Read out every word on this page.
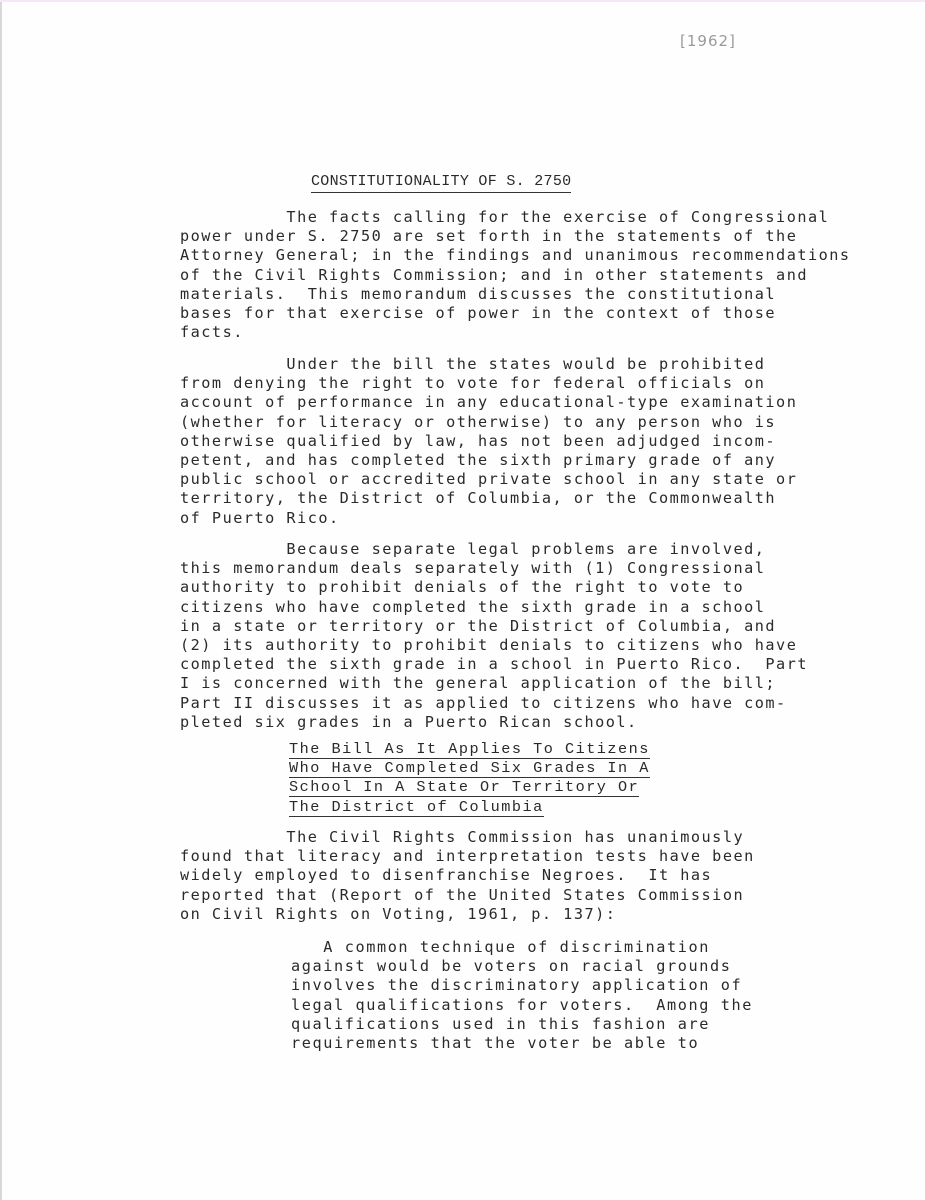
[1962]
CONSTITUTIONALITY OF S. 2750
The facts calling for the exercise of Congressional
power under S. 2750 are set forth in the statements of the
Attorney General; in the findings and unanimous recommendations
of the Civil Rights Commission; and in other statements and
materials.  This memorandum discusses the constitutional
bases for that exercise of power in the context of those
facts.
Under the bill the states would be prohibited
from denying the right to vote for federal officials on
account of performance in any educational-type examination
(whether for literacy or otherwise) to any person who is
otherwise qualified by law, has not been adjudged incom-
petent, and has completed the sixth primary grade of any
public school or accredited private school in any state or
territory, the District of Columbia, or the Commonwealth
of Puerto Rico.
Because separate legal problems are involved,
this memorandum deals separately with (1) Congressional
authority to prohibit denials of the right to vote to
citizens who have completed the sixth grade in a school
in a state or territory or the District of Columbia, and
(2) its authority to prohibit denials to citizens who have
completed the sixth grade in a school in Puerto Rico.  Part
I is concerned with the general application of the bill;
Part II discusses it as applied to citizens who have com-
pleted six grades in a Puerto Rican school.
The Bill As It Applies To Citizens
Who Have Completed Six Grades In A
School In A State Or Territory Or
The District of Columbia
The Civil Rights Commission has unanimously
found that literacy and interpretation tests have been
widely employed to disenfranchise Negroes.  It has
reported that (Report of the United States Commission
on Civil Rights on Voting, 1961, p. 137):
A common technique of discrimination
against would be voters on racial grounds
involves the discriminatory application of
legal qualifications for voters.  Among the
qualifications used in this fashion are
requirements that the voter be able to
